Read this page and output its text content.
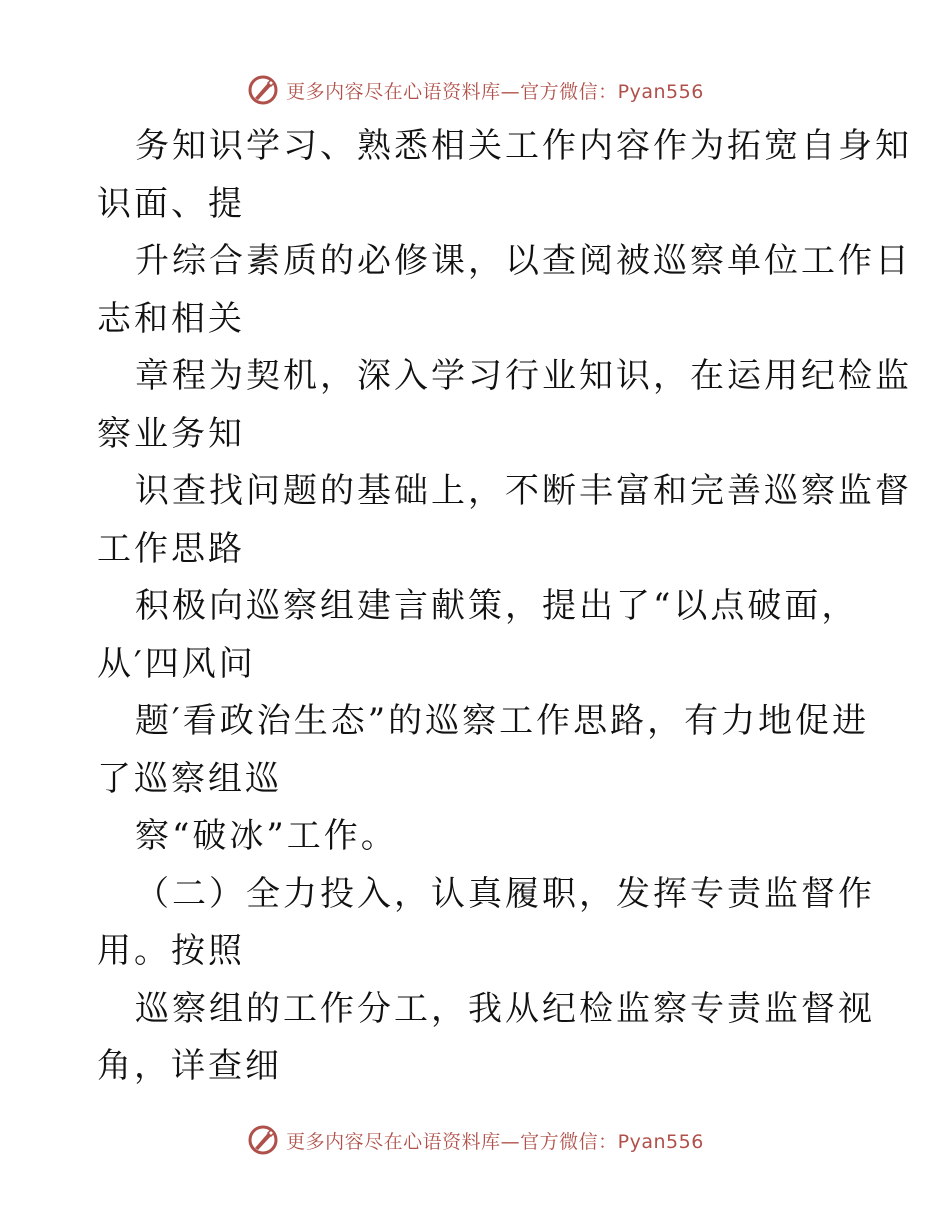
更多内容尽在心语资料库—官方微信：Pyan556
务知识学习、熟悉相关工作内容作为拓宽自身知
识面、提
升综合素质的必修课，以查阅被巡察单位工作日
志和相关
章程为契机，深入学习行业知识，在运用纪检监
察业务知
识查找问题的基础上，不断丰富和完善巡察监督
工作思路
积极向巡察组建言献策，提出了“以点破面，
从′四风问
题′看政治生态”的巡察工作思路，有力地促进
了巡察组巡
察“破冰”工作。
（二）全力投入，认真履职，发挥专责监督作
用。按照
巡察组的工作分工，我从纪检监察专责监督视
角，详查细
更多内容尽在心语资料库—官方微信：Pyan556
